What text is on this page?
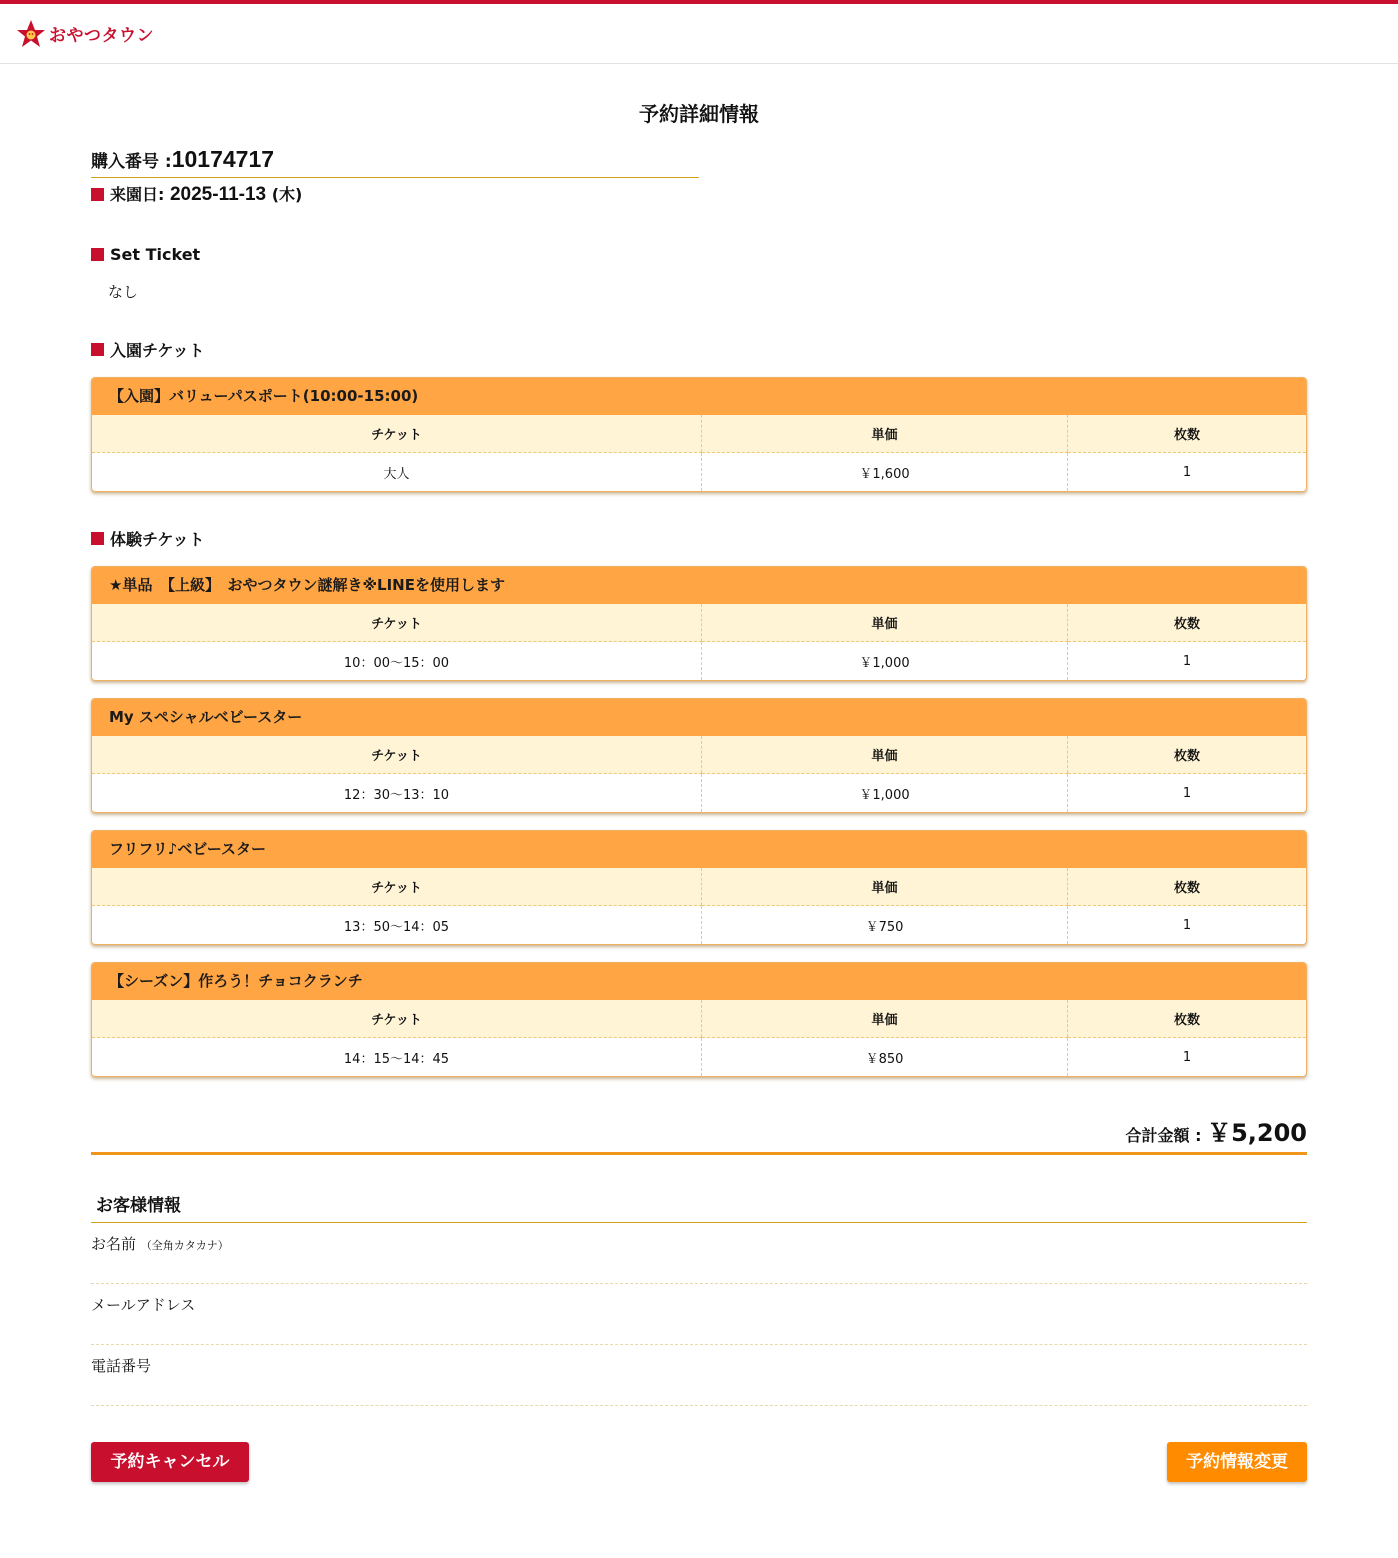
おやつタウン
予約詳細情報
購入番号 :10174717
来園日: 2025-11-13 (木)
Set Ticket
なし
入園チケット
【入園】バリューパスポート(10:00-15:00)
チケット	単価	枚数
大人	￥1,600	1
体験チケット
★単品　【上級】　おやつタウン謎解き※LINEを使用します
チケット	単価	枚数
10：00～15：00	￥1,000	1
My スペシャルベビースター
チケット	単価	枚数
12：30～13：10	￥1,000	1
フリフリ♪ベビースター
チケット	単価	枚数
13：50～14：05	￥750	1
【シーズン】作ろう！チョコクランチ
チケット	単価	枚数
14：15～14：45	￥850	1
合計金額 : ￥5,200
お客様情報
お名前 （全角カタカナ）
メールアドレス
電話番号
予約キャンセル	予約情報変更
